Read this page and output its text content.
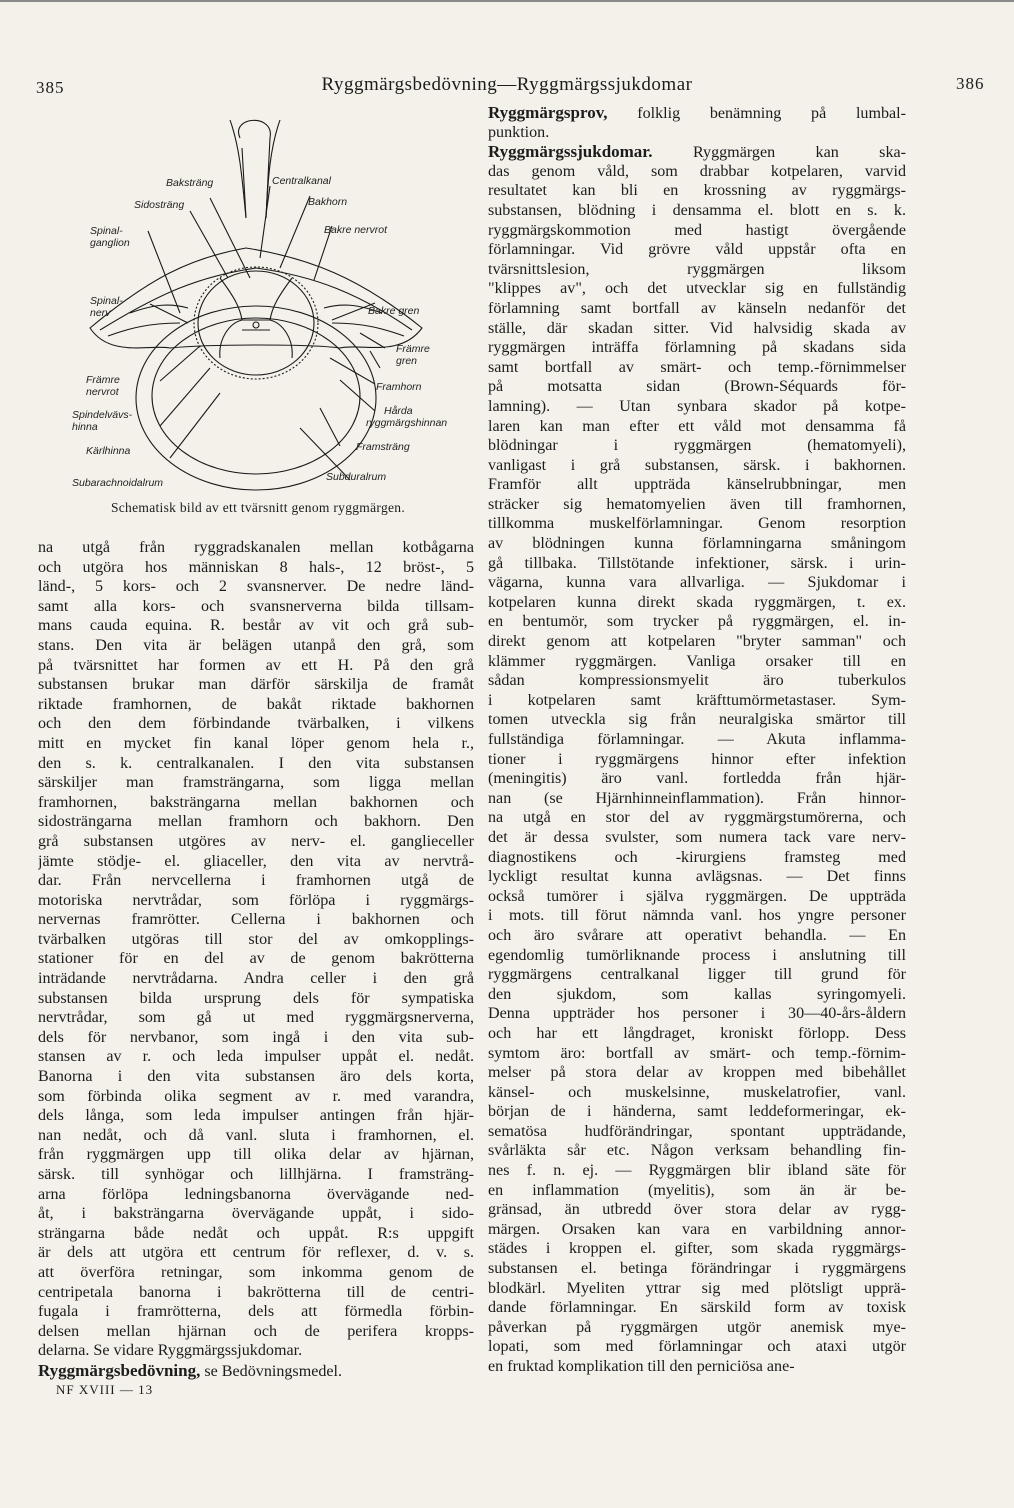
385	Ryggmärgsbedövning—Ryggmärgssjukdomar	386
Baksträng
Sidosträng
Spinal-
ganglion
Centralkanal
Bakhorn
Bakre nervrot
Spinal-
nerv	Bakre gren
Främre
gren
Främre
nervrot	Framhorn
Hårda
ryggmärgshinnan
Spindelvävs-
hinna
Framsträng
Kärlhinna
Subarachnoidalrum	Subduralrum
Schematisk bild av ett tvärsnitt genom ryggmärgen.
na utgå från ryggradskanalen mellan kotbågarna
och utgöra hos människan 8 hals-, 12 bröst-, 5
länd-, 5 kors- och 2 svansnerver. De nedre länd-
samt alla kors- och svansnerverna bilda tillsam-
mans cauda equina. R. består av vit och grå sub-
stans. Den vita är belägen utanpå den grå, som
på tvärsnittet har formen av ett H. På den grå
substansen brukar man därför särskilja de framåt
riktade framhornen, de bakåt riktade bakhornen
och den dem förbindande tvärbalken, i vilkens
mitt en mycket fin kanal löper genom hela r.,
den s. k. centralkanalen. I den vita substansen
särskiljer man framsträngarna, som ligga mellan
framhornen, baksträngarna mellan bakhornen och
sidosträngarna mellan framhorn och bakhorn. Den
grå substansen utgöres av nerv- el. ganglieceller
jämte stödje- el. gliaceller, den vita av nervtrå-
dar. Från nervcellerna i framhornen utgå de
motoriska nervtrådar, som förlöpa i ryggmärgs-
nervernas framrötter. Cellerna i bakhornen och
tvärbalken utgöras till stor del av omkopplings-
stationer för en del av de genom bakrötterna
inträdande nervtrådarna. Andra celler i den grå
substansen bilda ursprung dels för sympatiska
nervtrådar, som gå ut med ryggmärgsnerverna,
dels för nervbanor, som ingå i den vita sub-
stansen av r. och leda impulser uppåt el. nedåt.
Banorna i den vita substansen äro dels korta,
som förbinda olika segment av r. med varandra,
dels långa, som leda impulser antingen från hjär-
nan nedåt, och då vanl. sluta i framhornen, el.
från ryggmärgen upp till olika delar av hjärnan,
särsk. till synhögar och lillhjärna. I framsträng-
arna förlöpa ledningsbanorna övervägande ned-
åt, i baksträngarna övervägande uppåt, i sido-
strängarna både nedåt och uppåt. R:s uppgift
är dels att utgöra ett centrum för reflexer, d. v. s.
att överföra retningar, som inkomma genom de
centripetala banorna i bakrötterna till de centri-
fugala i framrötterna, dels att förmedla förbin-
delsen mellan hjärnan och de perifera kropps-
delarna. Se vidare Ryggmärgssjukdomar.
Ryggmärgsbedövning, se Bedövningsmedel.
NF XVIII — 13
Ryggmärgsprov, folklig benämning på lumbal-
punktion.
Ryggmärgssjukdomar. Ryggmärgen kan ska-
das genom våld, som drabbar kotpelaren, varvid
resultatet kan bli en krossning av ryggmärgs-
substansen, blödning i densamma el. blott en s. k.
ryggmärgskommotion med hastigt övergående
förlamningar. Vid grövre våld uppstår ofta en
tvärsnittslesion, ryggmärgen liksom
"klippes av", och det utvecklar sig en fullständig
förlamning samt bortfall av känseln nedanför det
ställe, där skadan sitter. Vid halvsidig skada av
ryggmärgen inträffa förlamning på skadans sida
samt bortfall av smärt- och temp.-förnimmelser
på motsatta sidan (Brown-Séquards för-
lamning). — Utan synbara skador på kotpe-
laren kan man efter ett våld mot densamma få
blödningar i ryggmärgen (hematomyeli),
vanligast i grå substansen, särsk. i bakhornen.
Framför allt uppträda känselrubbningar, men
sträcker sig hematomyelien även till framhornen,
tillkomma muskelförlamningar. Genom resorption
av blödningen kunna förlamningarna småningom
gå tillbaka. Tillstötande infektioner, särsk. i urin-
vägarna, kunna vara allvarliga. — Sjukdomar i
kotpelaren kunna direkt skada ryggmärgen, t. ex.
en bentumör, som trycker på ryggmärgen, el. in-
direkt genom att kotpelaren "bryter samman" och
klämmer ryggmärgen. Vanliga orsaker till en
sådan kompressionsmyelit äro tuberkulos
i kotpelaren samt kräfttumörmetastaser. Sym-
tomen utveckla sig från neuralgiska smärtor till
fullständiga förlamningar. — Akuta inflamma-
tioner i ryggmärgens hinnor efter infektion
(meningitis) äro vanl. fortledda från hjär-
nan (se Hjärnhinneinflammation). Från hinnor-
na utgå en stor del av ryggmärgstumörerna, och
det är dessa svulster, som numera tack vare nerv-
diagnostikens och -kirurgiens framsteg med
lyckligt resultat kunna avlägsnas. — Det finns
också tumörer i själva ryggmärgen. De uppträda
i mots. till förut nämnda vanl. hos yngre personer
och äro svårare att operativt behandla. — En
egendomlig tumörliknande process i anslutning till
ryggmärgens centralkanal ligger till grund för
den sjukdom, som kallas syringomyeli.
Denna uppträder hos personer i 30—40-års-åldern
och har ett långdraget, kroniskt förlopp. Dess
symtom äro: bortfall av smärt- och temp.-förnim-
melser på stora delar av kroppen med bibehållet
känsel- och muskelsinne, muskelatrofier, vanl.
början de i händerna, samt leddeformeringar, ek-
sematösa hudförändringar, spontant uppträdande,
svårläkta sår etc. Någon verksam behandling fin-
nes f. n. ej. — Ryggmärgen blir ibland säte för
en inflammation (myelitis), som än är be-
gränsad, än utbredd över stora delar av rygg-
märgen. Orsaken kan vara en varbildning annor-
städes i kroppen el. gifter, som skada ryggmärgs-
substansen el. betinga förändringar i ryggmärgens
blodkärl. Myeliten yttrar sig med plötsligt upprä-
dande förlamningar. En särskild form av toxisk
påverkan på ryggmärgen utgör anemisk mye-
lopati, som med förlamningar och ataxi utgör
en fruktad komplikation till den perniciösa ane-
